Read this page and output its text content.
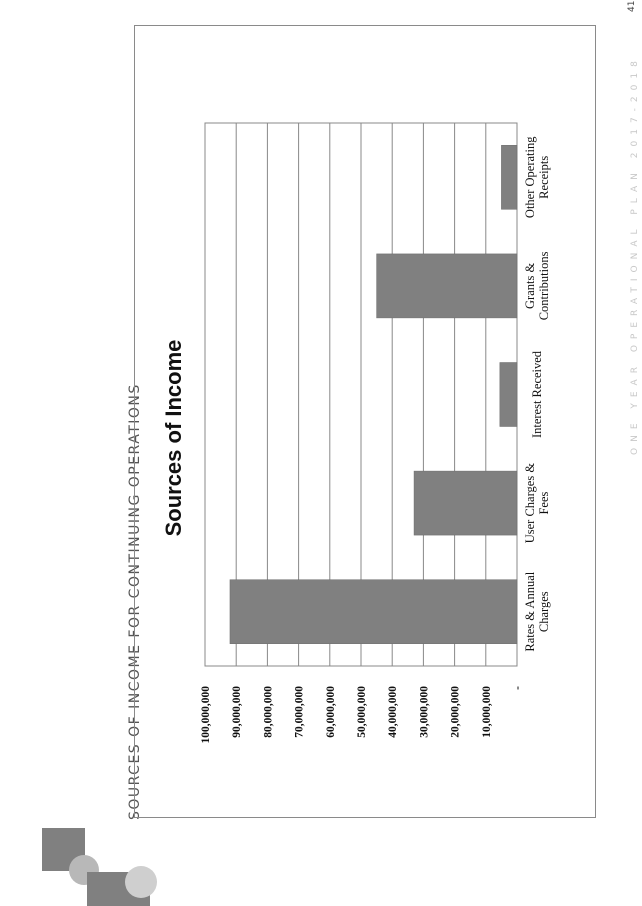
SOURCES OF INCOME FOR CONTINUING OPERATIONS
ONE YEAR OPERATIONAL PLAN 2017-2018
41
-
10,000,000
20,000,000
30,000,000
40,000,000
50,000,000
60,000,000
70,000,000
80,000,000
90,000,000
100,000,000
Rates & Annual Charges
User Charges & Fees
Interest Received
Grants & Contributions
Other Operating Receipts
Sources of Income
